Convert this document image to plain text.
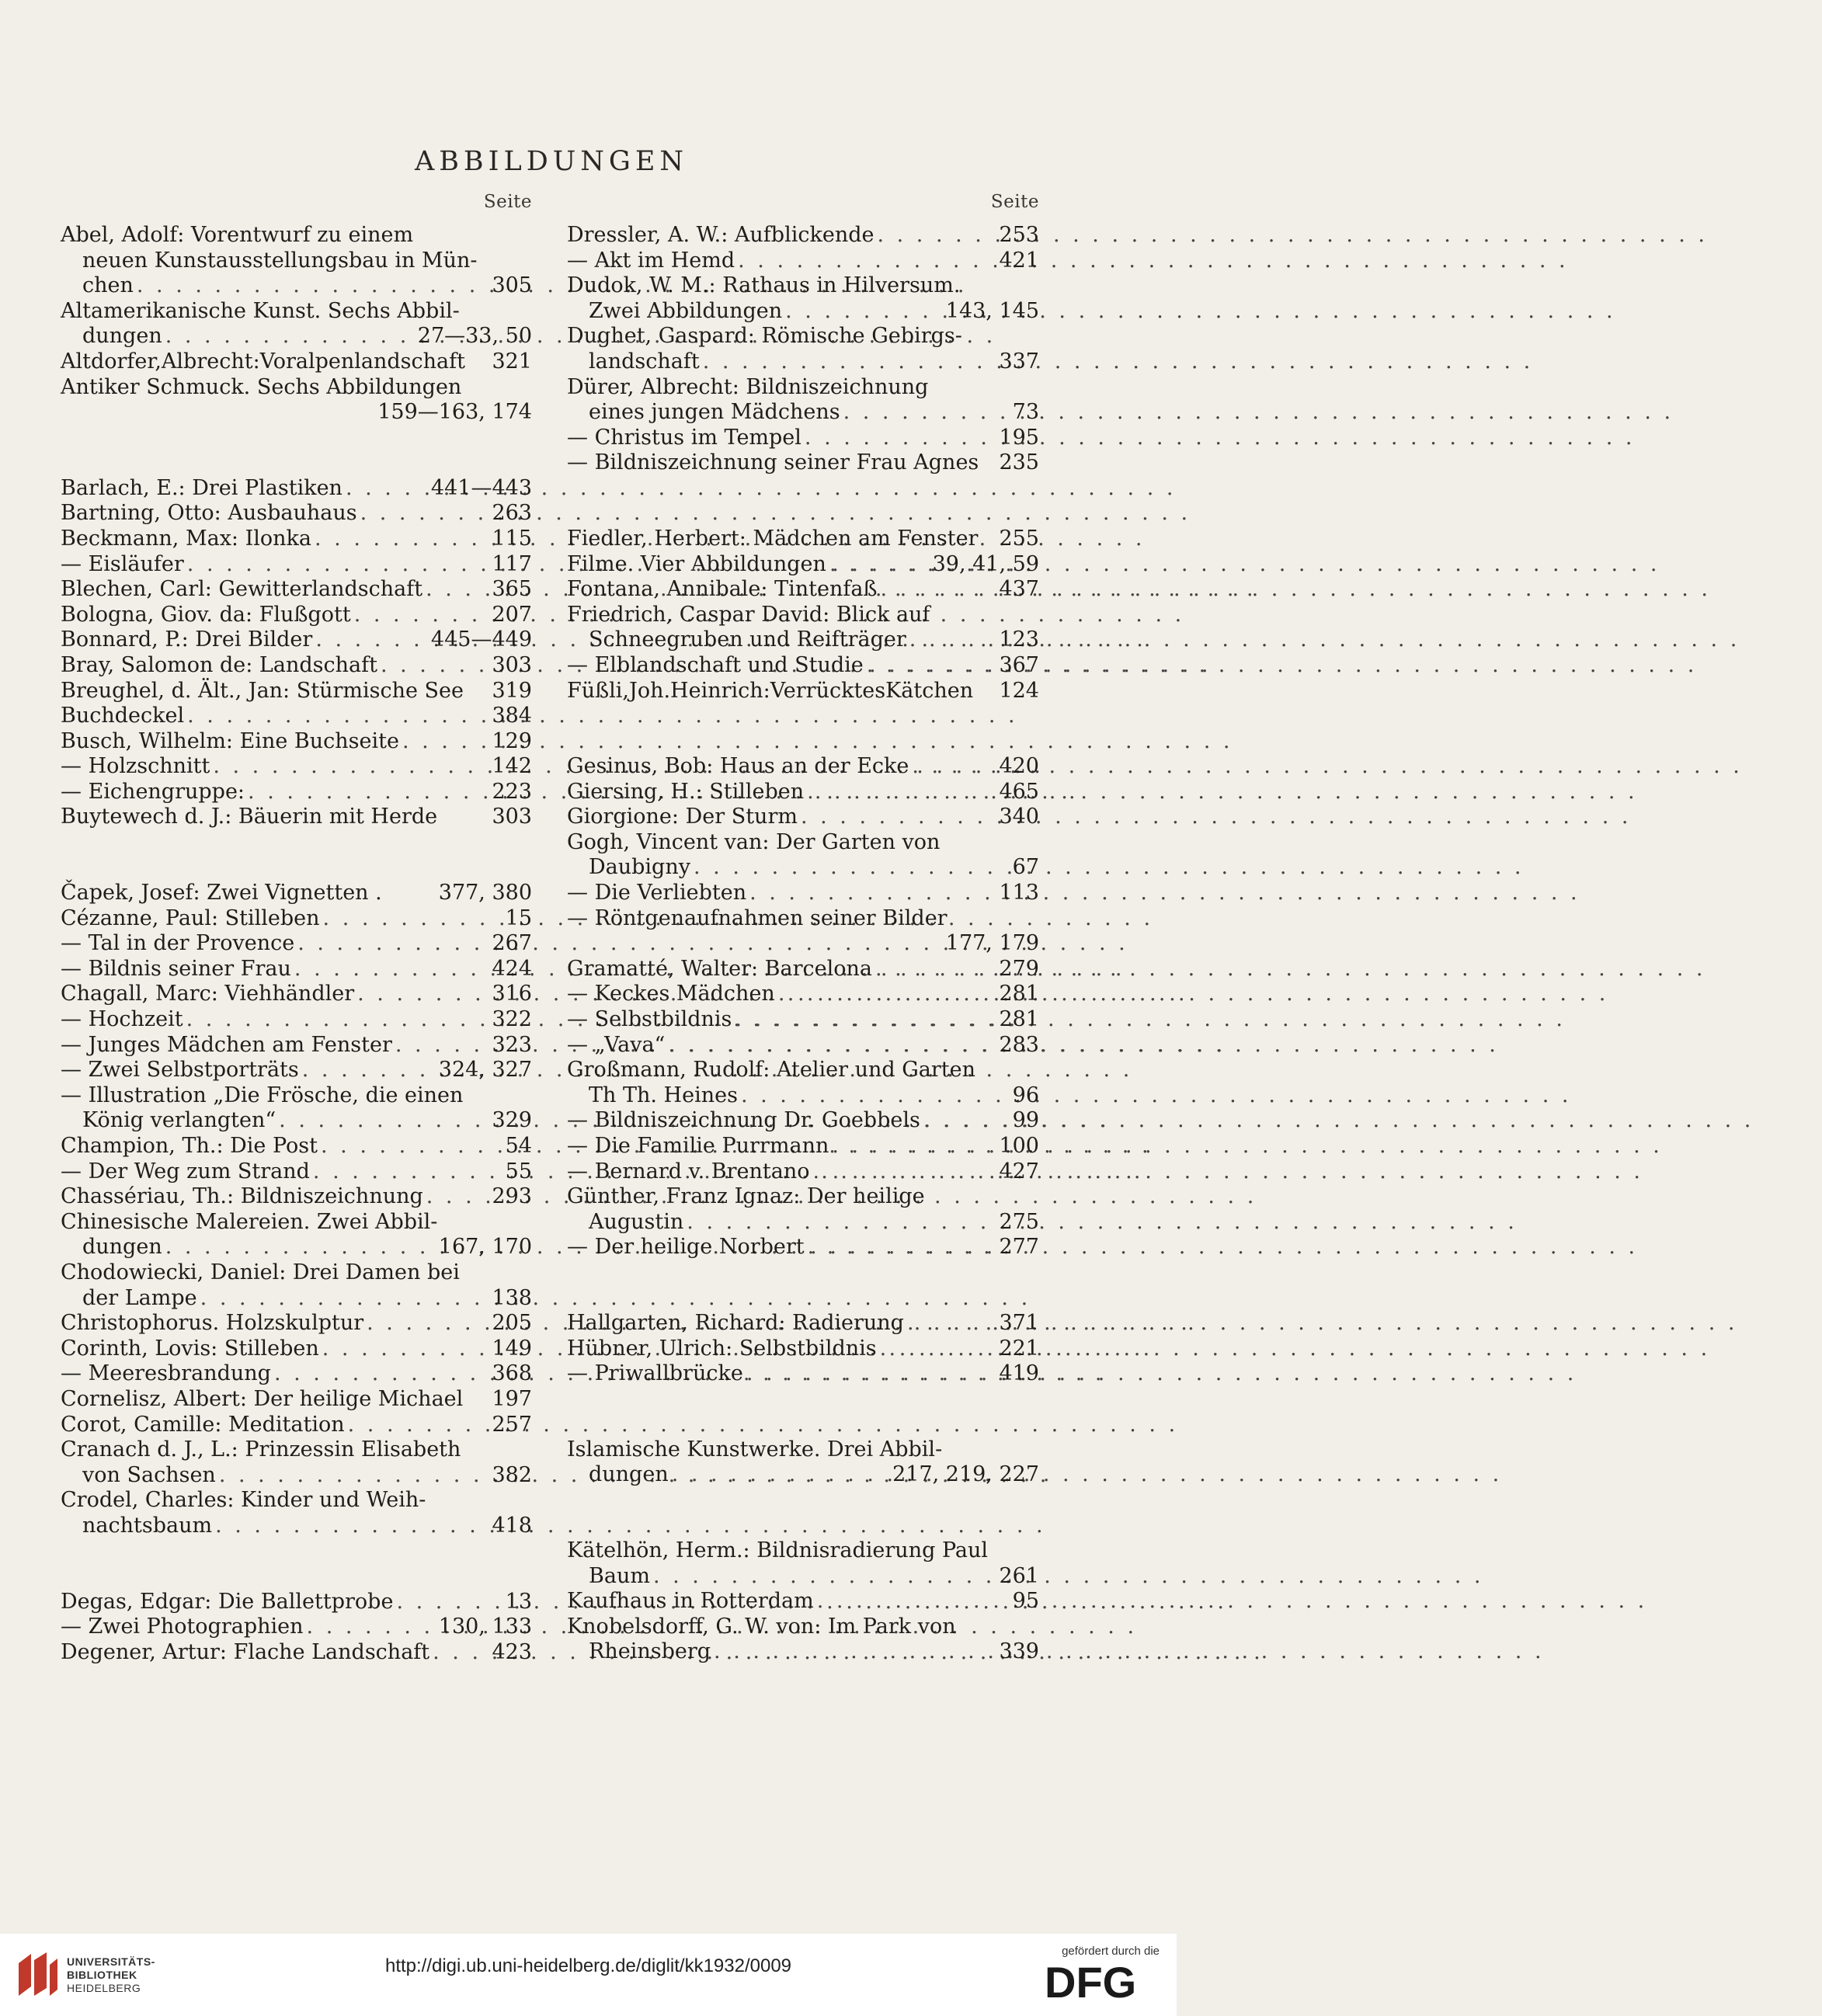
ABBILDUNGEN
Seite
Abel, Adolf: Vorentwurf zu einem
neuen Kunstausstellungsbau in Mün-
chen . . .	305
Altamerikanische Kunst. Sechs Abbil-
dungen . . .	27—33, 50
Altdorfer,Albrecht:Voralpenlandschaft 321
Antiker Schmuck. Sechs Abbildungen
159—163, 174
Barlach, E.: Drei Plastiken . . .	441—443
Bartning, Otto: Ausbauhaus . . .	263
Beckmann, Max: Ilonka . . .	115
— Eisläufer . . .	117
Blechen, Carl: Gewitterlandschaft . . .	365
Bologna, Giov. da: Flußgott . . .	207
Bonnard, P.: Drei Bilder . . .	445—449
Bray, Salomon de: Landschaft . . .	303
Breughel, d. Ält., Jan: Stürmische See 319
Buchdeckel . . .	384
Busch, Wilhelm: Eine Buchseite . . .	129
— Holzschnitt . . .	142
— Eichengruppe: . . .	223
Buytewech d. J.: Bäuerin mit Herde	303
Čapek, Josef: Zwei Vignetten .	377, 380
Cézanne, Paul: Stilleben . . .	15
— Tal in der Provence . . .	267
— Bildnis seiner Frau . . .	424
Chagall, Marc: Viehhändler . . .	316
— Hochzeit . . .	322
— Junges Mädchen am Fenster . . .	323
— Zwei Selbstporträts . . .	324, 327
— Illustration „Die Frösche, die einen
König verlangten“ . . .	329
Champion, Th.: Die Post . . .	54
— Der Weg zum Strand . . .	55
Chassériau, Th.: Bildniszeichnung . . .	293
Chinesische Malereien. Zwei Abbil-
dungen . . .	167, 170
Chodowiecki, Daniel: Drei Damen bei
der Lampe . . .	138
Christophorus. Holzskulptur . . .	205
Corinth, Lovis: Stilleben . . .	149
— Meeresbrandung . . .	368
Cornelisz, Albert: Der heilige Michael 197
Corot, Camille: Meditation . . .	257
Cranach d. J., L.: Prinzessin Elisabeth
von Sachsen . . .	382
Crodel, Charles: Kinder und Weih-
nachtsbaum . . .	418
Degas, Edgar: Die Ballettprobe . . .	13
— Zwei Photographien . . .	130, 133
Degener, Artur: Flache Landschaft . . .	423
Seite
Dressler, A. W.: Aufblickende . . .	253
— Akt im Hemd . . .	421
Dudok, W. M.: Rathaus in Hilversum.
Zwei Abbildungen . . .	143, 145
Dughet, Gaspard: Römische Gebirgs-
landschaft . . .	337
Dürer, Albrecht: Bildniszeichnung
eines jungen Mädchens . . .	73
— Christus im Tempel . . .	195
— Bildniszeichnung seiner Frau Agnes 235
Fiedler, Herbert: Mädchen am Fenster 255
Filme. Vier Abbildungen . . .	39, 41, 59
Fontana, Annibale: Tintenfaß . . .	437
Friedrich, Caspar David: Blick auf
Schneegruben und Reifträger . . .	123
— Elblandschaft und Studie . . .	367
Füßli,Joh.Heinrich:VerrücktesKätchen 124
Gesinus, Bob: Haus an der Ecke . . .	420
Giersing, H.: Stilleben . . .	465
Giorgione: Der Sturm . . .	340
Gogh, Vincent van: Der Garten von
Daubigny . . .	67
— Die Verliebten . . .	113
— Röntgenaufnahmen seiner Bilder
177, 179
Gramatté, Walter: Barcelona . . .	279
— Keckes Mädchen . . .	281
— Selbstbildnis . . .	281
— „Vava“ . . .	283
Großmann, Rudolf: Atelier und Garten
Th Th. Heines . . .	96
— Bildniszeichnung Dr. Goebbels . . .	99
— Die Familie Purrmann . . .	100
— Bernard v. Brentano . . .	427
Günther, Franz Ignaz: Der heilige
Augustin . . .	275
— Der heilige Norbert . . .	277
Hallgarten, Richard: Radierung . . .	371
Hübner, Ulrich: Selbstbildnis . . .	221
— Priwallbrücke . . .	419
Islamische Kunstwerke. Drei Abbil-
dungen . . .	217, 219, 227
Kätelhön, Herm.: Bildnisradierung Paul
Baum . . .	261
Kaufhaus in Rotterdam . . .	95
Knobelsdorff, G. W. von: Im Park von
Rheinsberg . . .	339
UNIVERSITÄTS-
BIBLIOTHEK
HEIDELBERG
http://digi.ub.uni-heidelberg.de/diglit/kk1932/0009
gefördert durch die
DFG
